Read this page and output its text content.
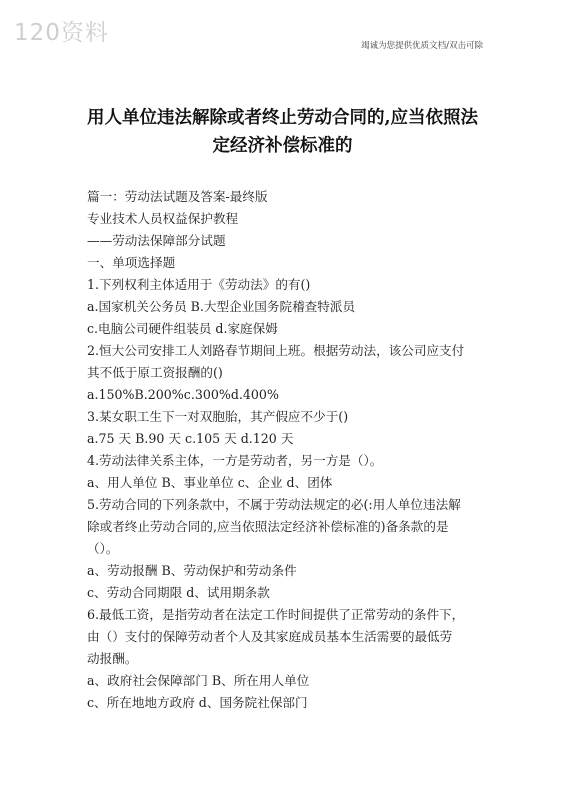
120资料	竭诚为您提供优质文档/双击可除
用人单位违法解除或者终止劳动合同的,应当依照法
定经济补偿标准的
篇一：劳动法试题及答案-最终版
专业技术人员权益保护教程
——劳动法保障部分试题
一、单项选择题
1.下列权利主体适用于《劳动法》的有()
a.国家机关公务员 B.大型企业国务院稽查特派员
c.电脑公司硬件组装员 d.家庭保姆
2.恒大公司安排工人刘路春节期间上班。根据劳动法，该公司应支付
其不低于原工资报酬的()
a.150%B.200%c.300%d.400%
3.某女职工生下一对双胞胎，其产假应不少于()
a.75 天 B.90 天 c.105 天 d.120 天
4.劳动法律关系主体，一方是劳动者，另一方是（）。
a、用人单位 B、事业单位 c、企业 d、团体
5.劳动合同的下列条款中，不属于劳动法规定的必(:用人单位违法解
除或者终止劳动合同的,应当依照法定经济补偿标准的)备条款的是
（）。
a、劳动报酬 B、劳动保护和劳动条件
c、劳动合同期限 d、试用期条款
6.最低工资，是指劳动者在法定工作时间提供了正常劳动的条件下，
由（）支付的保障劳动者个人及其家庭成员基本生活需要的最低劳
动报酬。
a、政府社会保障部门 B、所在用人单位
c、所在地地方政府 d、国务院社保部门
